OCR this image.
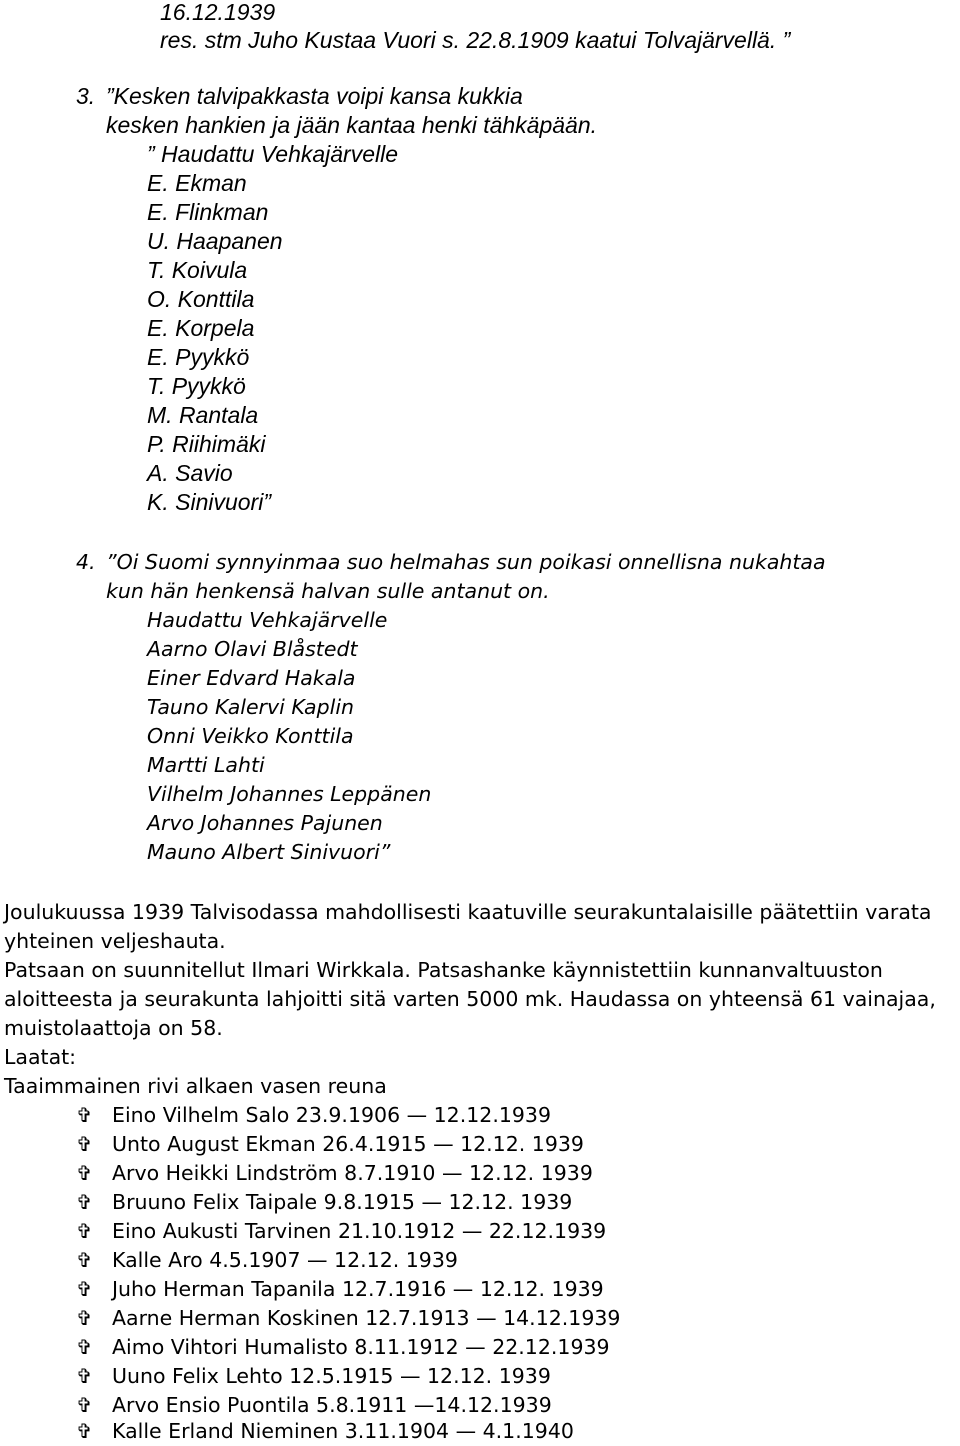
16.12.1939
res. stm Juho Kustaa Vuori s. 22.8.1909 kaatui Tolvajärvellä. ”
3. ”Kesken talvipakkasta voipi kansa kukkia
kesken hankien ja jään kantaa henki tähkäpään.
” Haudattu Vehkajärvelle
E. Ekman
E. Flinkman
U. Haapanen
T. Koivula
O. Konttila
E. Korpela
E. Pyykkö
T. Pyykkö
M. Rantala
P. Riihimäki
A. Savio
K. Sinivuori”
4. ”Oi Suomi synnyinmaa suo helmahas sun poikasi onnellisna nukahtaa
kun hän henkensä halvan sulle antanut on.
Haudattu Vehkajärvelle
Aarno Olavi Blåstedt
Einer Edvard Hakala
Tauno Kalervi Kaplin
Onni Veikko Konttila
Martti Lahti
Vilhelm Johannes Leppänen
Arvo Johannes Pajunen
Mauno Albert Sinivuori”
Joulukuussa 1939 Talvisodassa mahdollisesti kaatuville seurakuntalaisille päätettiin varata
yhteinen veljeshauta.
Patsaan on suunnitellut Ilmari Wirkkala. Patsashanke käynnistettiin kunnanvaltuuston
aloitteesta ja seurakunta lahjoitti sitä varten 5000 mk. Haudassa on yhteensä 61 vainajaa,
muistolaattoja on 58.
Laatat:
Taaimmainen rivi alkaen vasen reuna
✞ Eino Vilhelm Salo 23.9.1906 — 12.12.1939
✞ Unto August Ekman 26.4.1915 — 12.12. 1939
✞ Arvo Heikki Lindström 8.7.1910 — 12.12. 1939
✞ Bruuno Felix Taipale 9.8.1915 — 12.12. 1939
✞ Eino Aukusti Tarvinen 21.10.1912 — 22.12.1939
✞ Kalle Aro 4.5.1907 — 12.12. 1939
✞ Juho Herman Tapanila 12.7.1916 — 12.12. 1939
✞ Aarne Herman Koskinen 12.7.1913 — 14.12.1939
✞ Aimo Vihtori Humalisto 8.11.1912 — 22.12.1939
✞ Uuno Felix Lehto 12.5.1915 — 12.12. 1939
✞ Arvo Ensio Puontila 5.8.1911 —14.12.1939
✞ Kalle Erland Nieminen 3.11.1904 — 4.1.1940
